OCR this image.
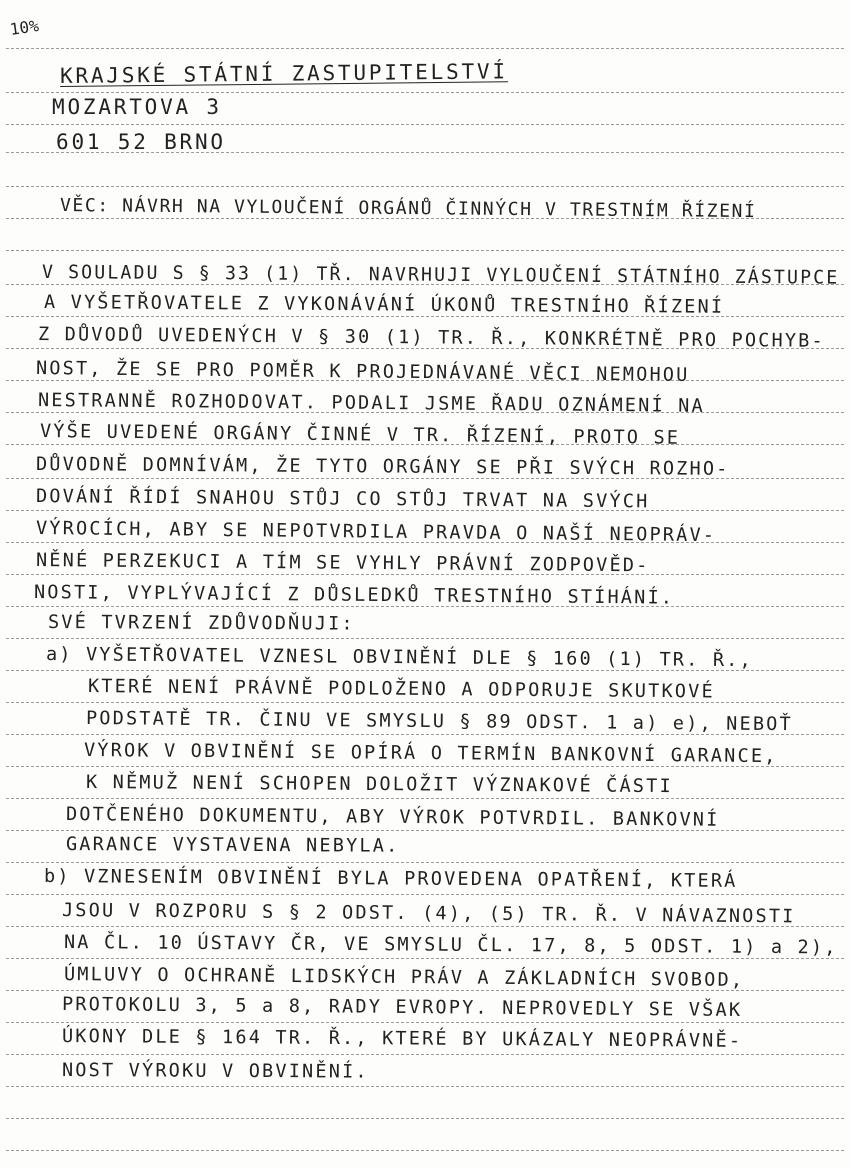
10%
KRAJSKÉ STÁTNÍ ZASTUPITELSTVÍ
MOZARTOVA 3
601 52 BRNO
VĚC: NÁVRH NA VYLOUČENÍ ORGÁNŮ ČINNÝCH V TRESTNÍM ŘÍZENÍ
V SOULADU S § 33 (1) TŘ. NAVRHUJI VYLOUČENÍ STÁTNÍHO ZÁSTUPCE
A VYŠETŘOVATELE Z VYKONÁVÁNÍ ÚKONŮ TRESTNÍHO ŘÍZENÍ
Z DŮVODŮ UVEDENÝCH V § 30 (1) TR. Ř., KONKRÉTNĚ PRO POCHYB-
NOST, ŽE SE PRO POMĚR K PROJEDNÁVANÉ VĚCI NEMOHOU
NESTRANNĚ ROZHODOVAT. PODALI JSME ŘADU OZNÁMENÍ NA
VÝŠE UVEDENÉ ORGÁNY ČINNÉ V TR. ŘÍZENÍ, PROTO SE
DŮVODNĚ DOMNÍVÁM, ŽE TYTO ORGÁNY SE PŘI SVÝCH ROZHO-
DOVÁNÍ ŘÍDÍ SNAHOU STŮJ CO STŮJ TRVAT NA SVÝCH
VÝROCÍCH, ABY SE NEPOTVRDILA PRAVDA O NAŠÍ NEOPRÁV-
NĚNÉ PERZEKUCI A TÍM SE VYHLY PRÁVNÍ ZODPOVĚD-
NOSTI, VYPLÝVAJÍCÍ Z DŮSLEDKŮ TRESTNÍHO STÍHÁNÍ.
SVÉ TVRZENÍ ZDŮVODŇUJI:
a) VYŠETŘOVATEL VZNESL OBVINĚNÍ DLE § 160 (1) TR. Ř.,
KTERÉ NENÍ PRÁVNĚ PODLOŽENO A ODPORUJE SKUTKOVÉ
PODSTATĚ TR. ČINU VE SMYSLU § 89 ODST. 1 a) e), NEBOŤ
VÝROK V OBVINĚNÍ SE OPÍRÁ O TERMÍN BANKOVNÍ GARANCE,
K NĚMUŽ NENÍ SCHOPEN DOLOŽIT VÝZNAKOVÉ ČÁSTI
DOTČENÉHO DOKUMENTU, ABY VÝROK POTVRDIL. BANKOVNÍ
GARANCE VYSTAVENA NEBYLA.
b) VZNESENÍM OBVINĚNÍ BYLA PROVEDENA OPATŘENÍ, KTERÁ
JSOU V ROZPORU S § 2 ODST. (4), (5) TR. Ř. V NÁVAZNOSTI
NA ČL. 10 ÚSTAVY ČR, VE SMYSLU ČL. 17, 8, 5 ODST. 1) a 2),
ÚMLUVY O OCHRANĚ LIDSKÝCH PRÁV A ZÁKLADNÍCH SVOBOD,
PROTOKOLU 3, 5 a 8, RADY EVROPY. NEPROVEDLY SE VŠAK
ÚKONY DLE § 164 TR. Ř., KTERÉ BY UKÁZALY NEOPRÁVNĚ-
NOST VÝROKU V OBVINĚNÍ.
